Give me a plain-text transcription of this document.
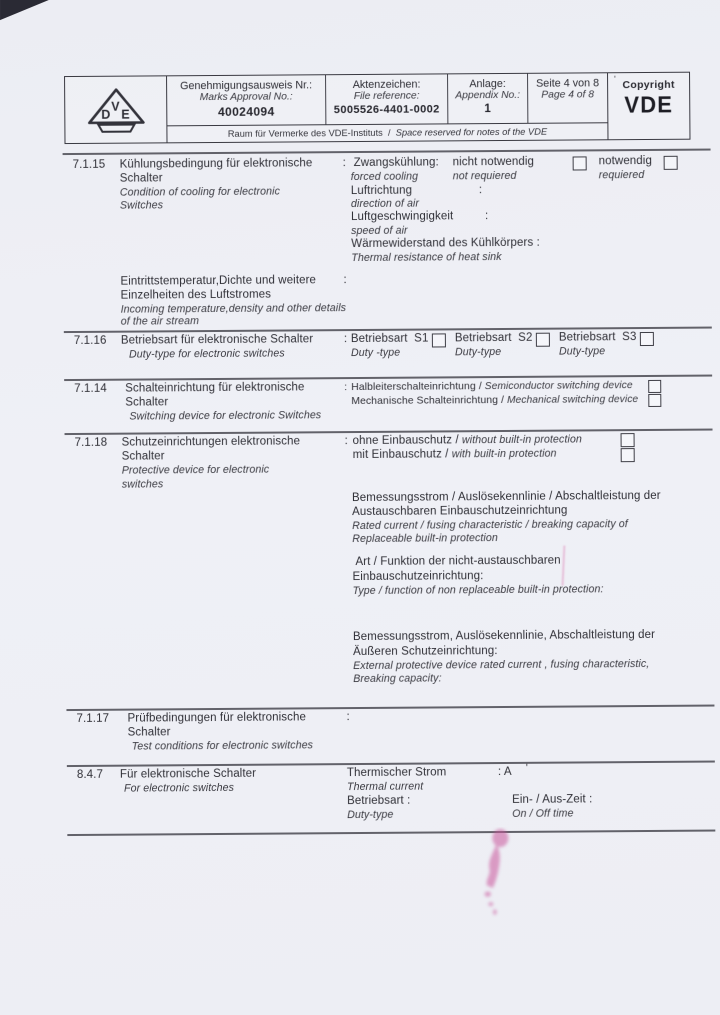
D
V
E
Genehmigungsausweis Nr.:
Marks Approval No.:
40024094
Aktenzeichen:
File reference:
5005526-4401-0002
Anlage:
Appendix No.:
1
Seite 4 von 8
Page 4 of 8
Raum für Vermerke des VDE-Instituts / Space reserved for notes of the VDE
' Copyright
VDE
7.1.15 Kühlungsbedingung für elektronische
Schalter
Condition of cooling for electronic
Switches
: Zwangskühlung: nicht notwendig	notwendig
forced cooling	not requiered	requiered
Luftrichtung	:
direction of air
Luftgeschwingigkeit	:
speed of air
Wärmewiderstand des Kühlkörpers :
Thermal resistance of heat sink
Eintrittstemperatur,Dichte und weitere :
Einzelheiten des Luftstromes
Incoming temperature,density and other details
of the air stream
7.1.16 Betriebsart für elektronische Schalter
Duty-type for electronic switches
: Betriebsart  S1 Betriebsart  S2 Betriebsart  S3
Duty -type	Duty-type	Duty-type
7.1.14 Schalteinrichtung für elektronische
Schalter
Switching device for electronic Switches
: Halbleiterschalteinrichtung / Semiconductor switching device
Mechanische Schalteinrichtung / Mechanical switching device
7.1.18 Schutzeinrichtungen elektronische
Schalter
Protective device for electronic
switches
: ohne Einbauschutz / without built-in protection
mit Einbauschutz / with built-in protection
Bemessungsstrom / Auslösekennlinie / Abschaltleistung der
Austauschbaren Einbauschutzeinrichtung
Rated current / fusing characteristic / breaking capacity of
Replaceable built-in protection
Art / Funktion der nicht-austauschbaren
Einbauschutzeinrichtung:
Type / function of non replaceable built-in protection:
Bemessungsstrom, Auslösekennlinie, Abschaltleistung der
Äußeren Schutzeinrichtung:
External protective device rated current , fusing characteristic,
Breaking capacity:
7.1.17 Prüfbedingungen für elektronische
Schalter
Test conditions for electronic switches
:
8.4.7 Für elektronische Schalter
For electronic switches
Thermischer Strom	: A '
Thermal current
Betriebsart :
Duty-type
Ein- / Aus-Zeit :
On / Off time
